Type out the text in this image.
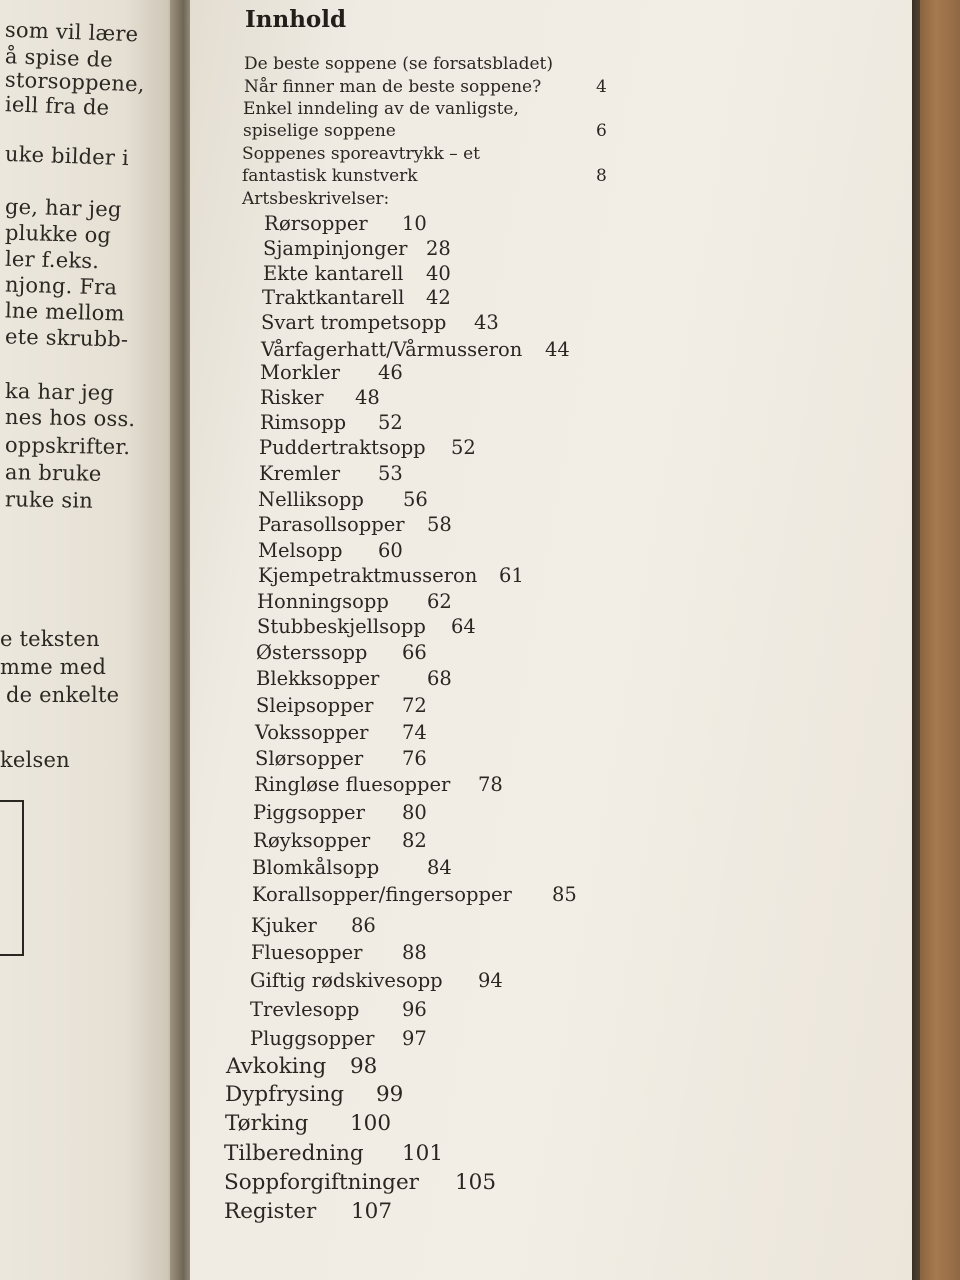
som vil lære
å spise de
storsoppene,
iell fra de
uke bilder i
ge, har jeg
plukke og
ler f.eks.
njong. Fra
lne mellom
ete skrubb-
ka har jeg
nes hos oss.
oppskrifter.
an bruke
ruke sin
e teksten
mme med
de enkelte
kelsen
Innhold
De beste soppene (se forsatsbladet)
Når finner man de beste soppene?	4
Enkel inndeling av de vanligste,
spiselige soppene	6
Soppenes sporeavtrykk – et
fantastisk kunstverk	8
Artsbeskrivelser:
Rørsopper 10
Sjampinjonger 28
Ekte kantarell 40
Traktkantarell 42
Svart trompetsopp 43
Vårfagerhatt/Vårmusseron 44
Morkler 46
Risker 48
Rimsopp 52
Puddertraktsopp 52
Kremler 53
Nelliksopp 56
Parasollsopper 58
Melsopp 60
Kjempetraktmusseron 61
Honningsopp 62
Stubbeskjellsopp 64
Østerssopp 66
Blekksopper 68
Sleipsopper 72
Vokssopper 74
Slørsopper 76
Ringløse fluesopper 78
Piggsopper 80
Røyksopper 82
Blomkålsopp 84
Korallsopper/fingersopper 85
Kjuker 86
Fluesopper 88
Giftig rødskivesopp 94
Trevlesopp 96
Pluggsopper 97
Avkoking 98
Dypfrysing 99
Tørking 100
Tilberedning 101
Soppforgiftninger 105
Register 107
